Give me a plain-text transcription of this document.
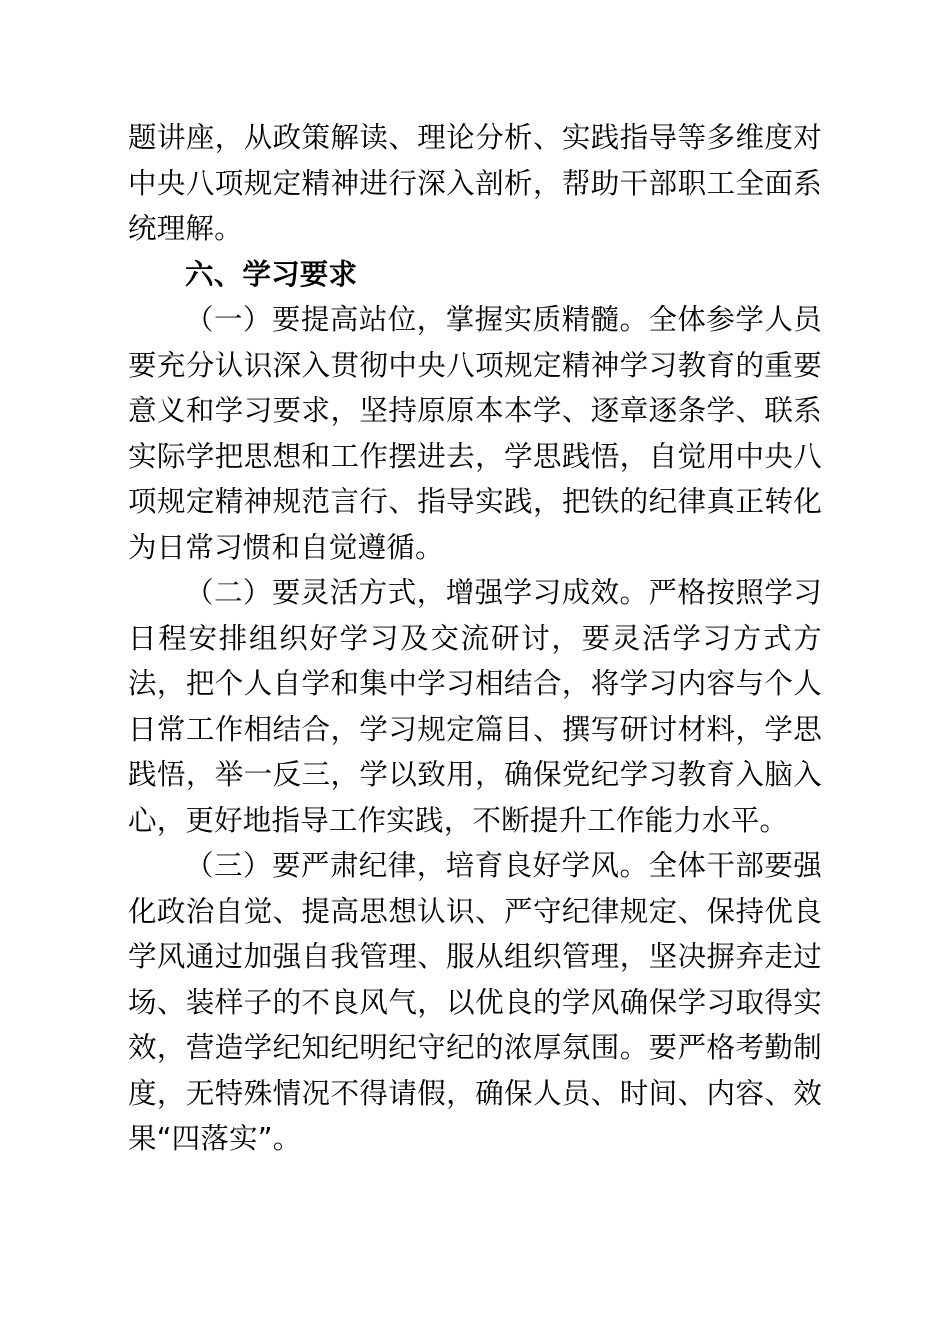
题讲座，从政策解读、理论分析、实践指导等多维度对中央八项规定精神进行深入剖析，帮助干部职工全面系统理解。

六、学习要求

（一）要提高站位，掌握实质精髓。全体参学人员要充分认识深入贯彻中央八项规定精神学习教育的重要意义和学习要求，坚持原原本本学、逐章逐条学、联系实际学把思想和工作摆进去，学思践悟，自觉用中央八项规定精神规范言行、指导实践，把铁的纪律真正转化为日常习惯和自觉遵循。

（二）要灵活方式，增强学习成效。严格按照学习日程安排组织好学习及交流研讨，要灵活学习方式方法，把个人自学和集中学习相结合，将学习内容与个人日常工作相结合，学习规定篇目、撰写研讨材料，学思践悟，举一反三，学以致用，确保党纪学习教育入脑入心，更好地指导工作实践，不断提升工作能力水平。

（三）要严肃纪律，培育良好学风。全体干部要强化政治自觉、提高思想认识、严守纪律规定、保持优良学风通过加强自我管理、服从组织管理，坚决摒弃走过场、装样子的不良风气，以优良的学风确保学习取得实效，营造学纪知纪明纪守纪的浓厚氛围。要严格考勤制度，无特殊情况不得请假，确保人员、时间、内容、效果“四落实”。
